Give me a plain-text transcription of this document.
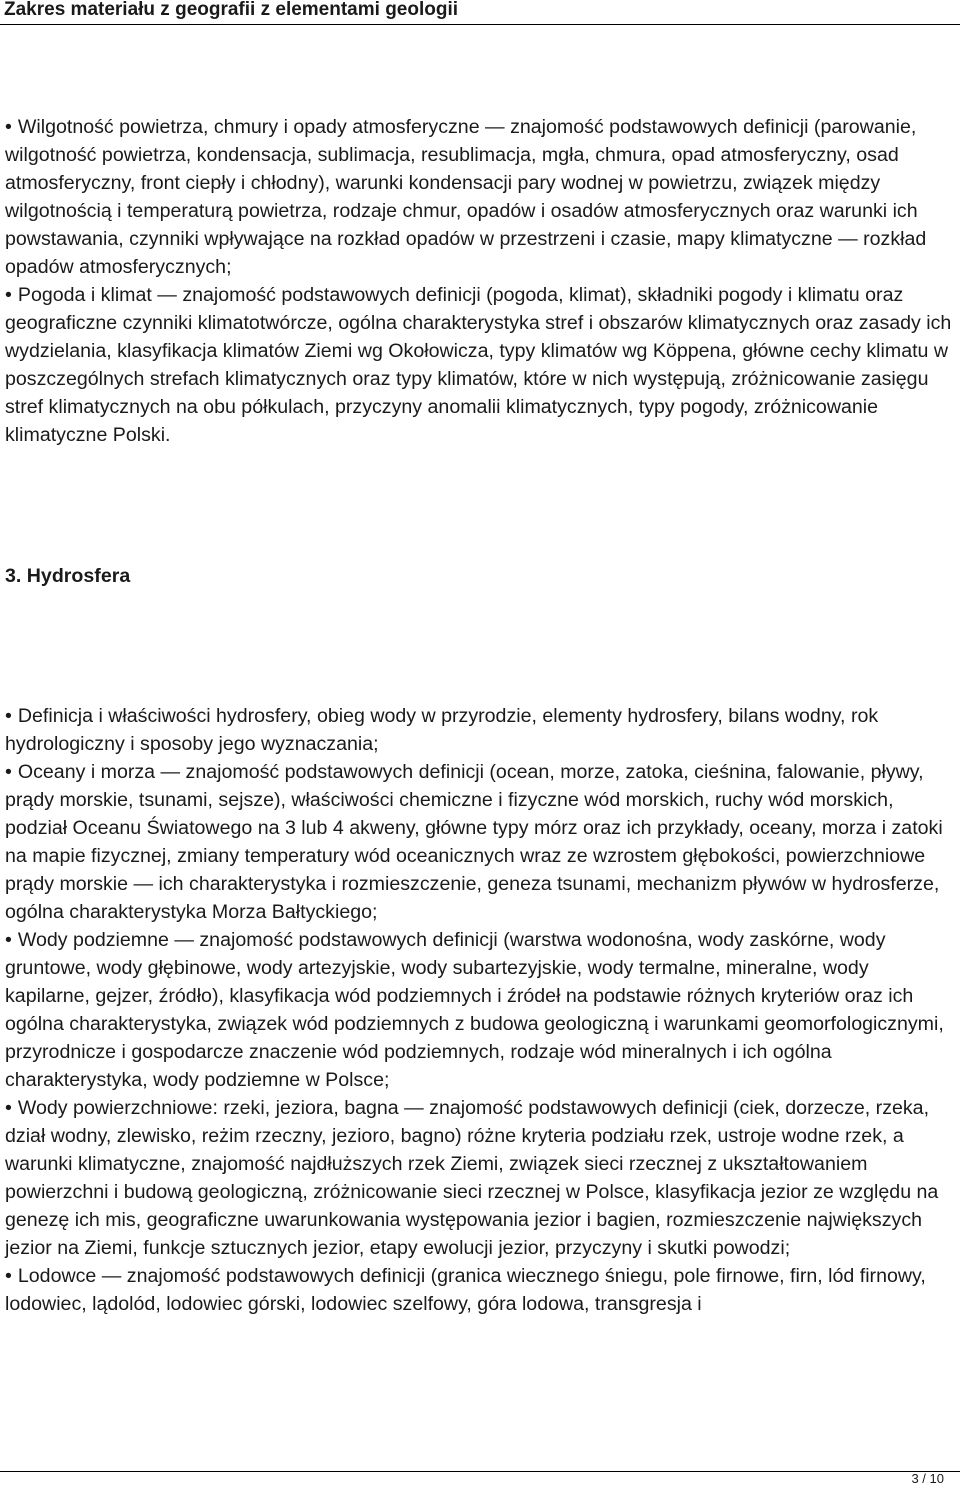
Zakres materiału z geografii z elementami geologii

• Wilgotność powietrza, chmury i opady atmosferyczne — znajomość podstawowych definicji (parowanie, wilgotność powietrza, kondensacja, sublimacja, resublimacja, mgła, chmura, opad atmosferyczny, osad atmosferyczny, front ciepły i chłodny), warunki kondensacji pary wodnej w powietrzu, związek między wilgotnością i temperaturą powietrza, rodzaje chmur, opadów i osadów atmosferycznych oraz warunki ich powstawania, czynniki wpływające na rozkład opadów w przestrzeni i czasie, mapy klimatyczne — rozkład opadów atmosferycznych;

• Pogoda i klimat — znajomość podstawowych definicji (pogoda, klimat), składniki pogody i klimatu oraz geograficzne czynniki klimatotwórcze, ogólna charakterystyka stref i obszarów klimatycznych oraz zasady ich wydzielania, klasyfikacja klimatów Ziemi wg Okołowicza, typy klimatów wg Köppena, główne cechy klimatu w poszczególnych strefach klimatycznych oraz typy klimatów, które w nich występują, zróżnicowanie zasięgu stref klimatycznych na obu półkulach, przyczyny anomalii klimatycznych, typy pogody, zróżnicowanie klimatyczne Polski.

3. Hydrosfera

• Definicja i właściwości hydrosfery, obieg wody w przyrodzie, elementy hydrosfery, bilans wodny, rok hydrologiczny i sposoby jego wyznaczania;

• Oceany i morza — znajomość podstawowych definicji (ocean, morze, zatoka, cieśnina, falowanie, pływy, prądy morskie, tsunami, sejsze), właściwości chemiczne i fizyczne wód morskich, ruchy wód morskich, podział Oceanu Światowego na 3 lub 4 akweny, główne typy mórz oraz ich przykłady, oceany, morza i zatoki na mapie fizycznej, zmiany temperatury wód oceanicznych wraz ze wzrostem głębokości, powierzchniowe prądy morskie — ich charakterystyka i rozmieszczenie, geneza tsunami, mechanizm pływów w hydrosferze, ogólna charakterystyka Morza Bałtyckiego;

• Wody podziemne — znajomość podstawowych definicji (warstwa wodonośna, wody zaskórne, wody gruntowe, wody głębinowe, wody artezyjskie, wody subartezyjskie, wody termalne, mineralne, wody kapilarne, gejzer, źródło), klasyfikacja wód podziemnych i źródeł na podstawie różnych kryteriów oraz ich ogólna charakterystyka, związek wód podziemnych z budowa geologiczną i warunkami geomorfologicznymi, przyrodnicze i gospodarcze znaczenie wód podziemnych, rodzaje wód mineralnych i ich ogólna charakterystyka, wody podziemne w Polsce;

• Wody powierzchniowe: rzeki, jeziora, bagna — znajomość podstawowych definicji (ciek, dorzecze, rzeka, dział wodny, zlewisko, reżim rzeczny, jezioro, bagno) różne kryteria podziału rzek, ustroje wodne rzek, a warunki klimatyczne, znajomość najdłuższych rzek Ziemi, związek sieci rzecznej z ukształtowaniem powierzchni i budową geologiczną, zróżnicowanie sieci rzecznej w Polsce, klasyfikacja jezior ze względu na genezę ich mis, geograficzne uwarunkowania występowania jezior i bagien, rozmieszczenie największych jezior na Ziemi, funkcje sztucznych jezior, etapy ewolucji jezior, przyczyny i skutki powodzi;

• Lodowce — znajomość podstawowych definicji (granica wiecznego śniegu, pole firnowe, firn, lód firnowy, lodowiec, lądolód, lodowiec górski, lodowiec szelfowy, góra lodowa, transgresja i

3 / 10
